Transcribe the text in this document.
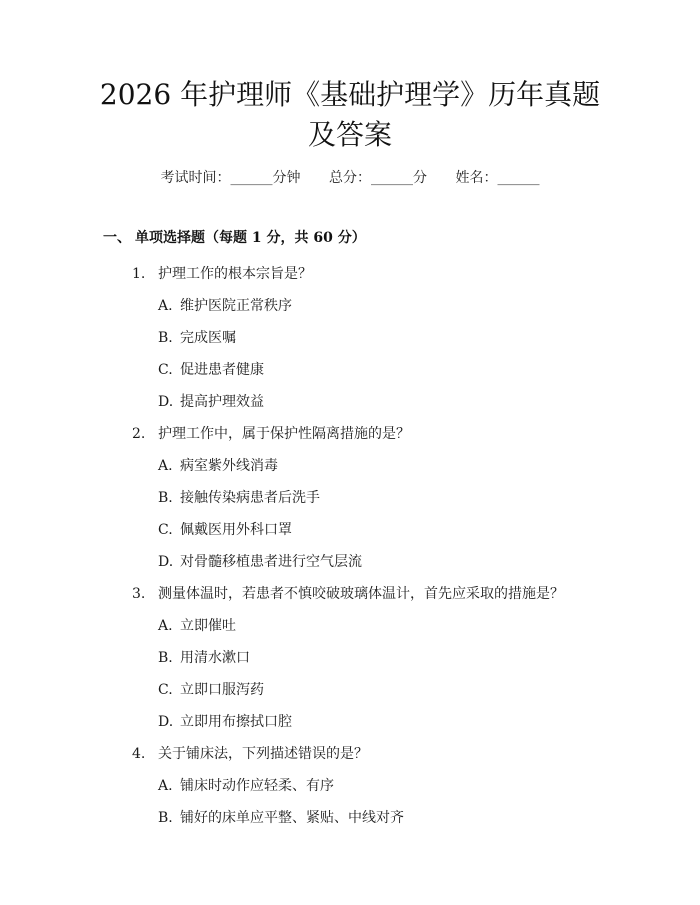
2026 年护理师《基础护理学》历年真题及答案
考试时间：______分钟 总分：______分 姓名：______
一、 单项选择题（每题 1 分，共 60 分）
1. 护理工作的根本宗旨是？
A. 维护医院正常秩序
B. 完成医嘱
C. 促进患者健康
D. 提高护理效益
2. 护理工作中，属于保护性隔离措施的是？
A. 病室紫外线消毒
B. 接触传染病患者后洗手
C. 佩戴医用外科口罩
D. 对骨髓移植患者进行空气层流
3. 测量体温时，若患者不慎咬破玻璃体温计，首先应采取的措施是？
A. 立即催吐
B. 用清水漱口
C. 立即口服泻药
D. 立即用布擦拭口腔
4. 关于铺床法，下列描述错误的是？
A. 铺床时动作应轻柔、有序
B. 铺好的床单应平整、紧贴、中线对齐
